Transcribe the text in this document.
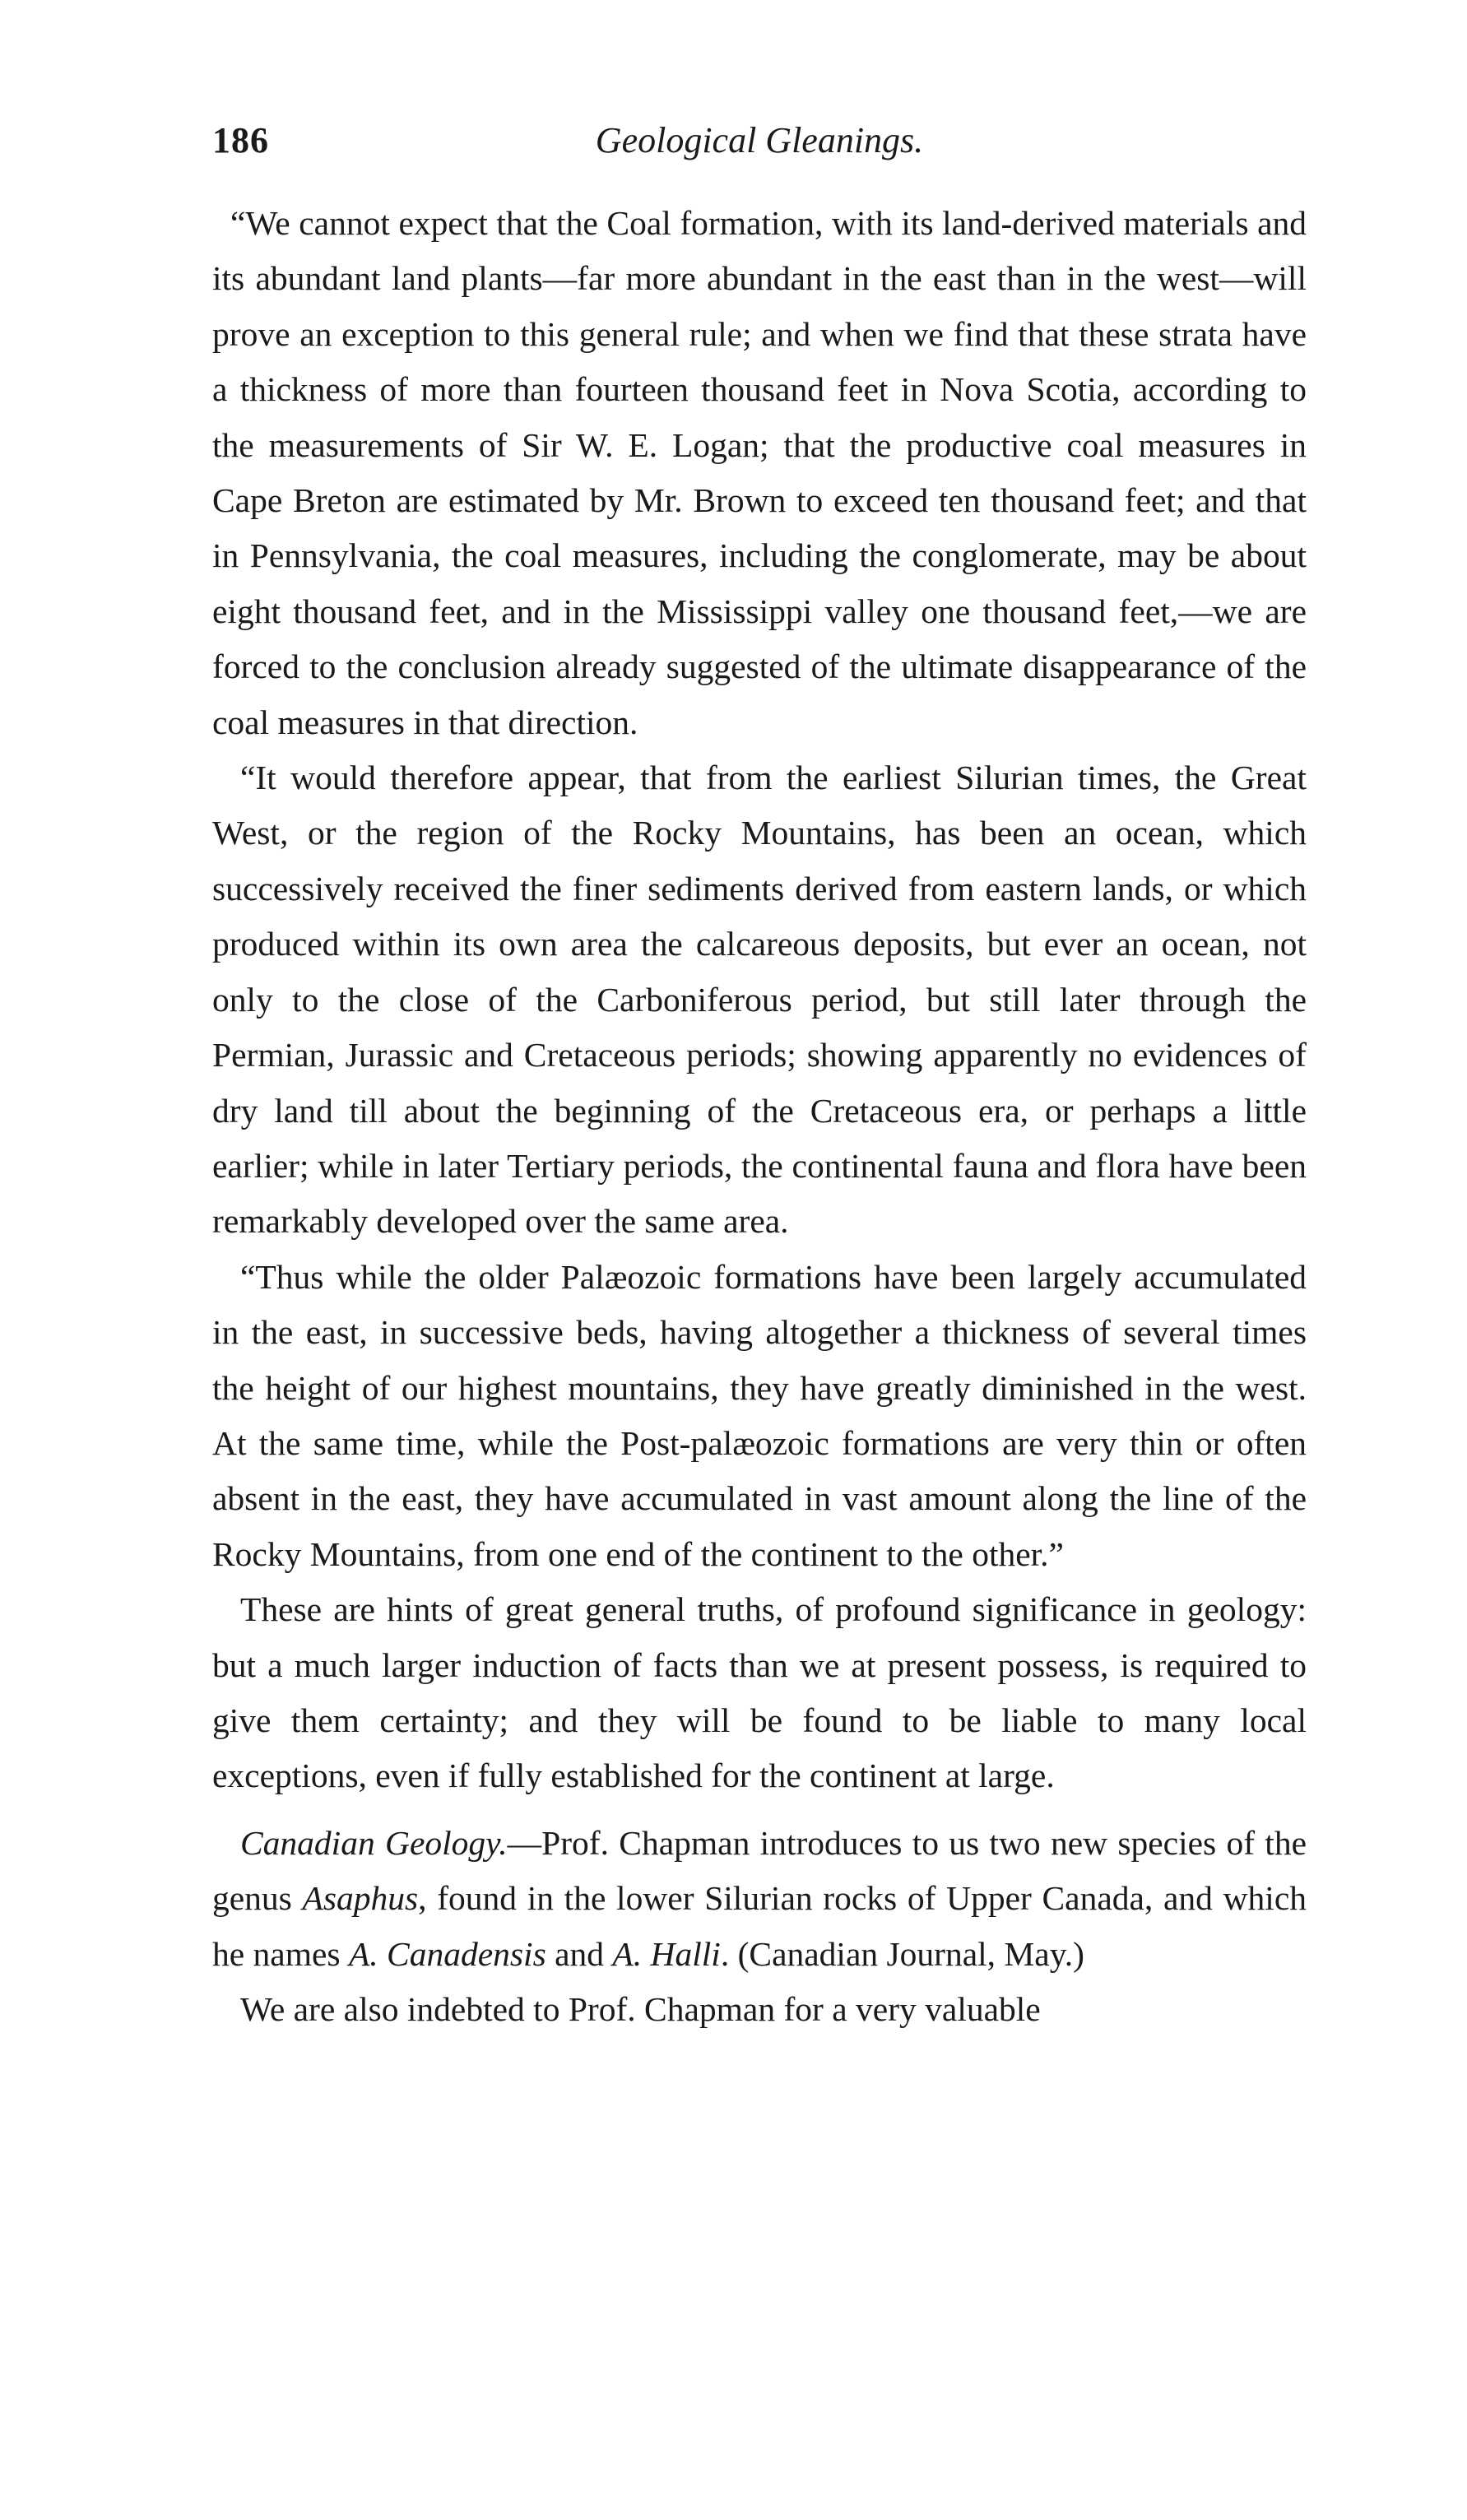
186	Geological Gleanings.

“We cannot expect that the Coal formation, with its land-derived materials and its abundant land plants—far more abundant in the east than in the west—will prove an exception to this general rule; and when we find that these strata have a thickness of more than fourteen thousand feet in Nova Scotia, according to the measurements of Sir W. E. Logan; that the productive coal measures in Cape Breton are estimated by Mr. Brown to exceed ten thousand feet; and that in Pennsylvania, the coal measures, including the conglomerate, may be about eight thousand feet, and in the Mississippi valley one thousand feet,—we are forced to the conclusion already suggested of the ultimate disappearance of the coal measures in that direction.

“It would therefore appear, that from the earliest Silurian times, the Great West, or the region of the Rocky Mountains, has been an ocean, which successively received the finer sediments derived from eastern lands, or which produced within its own area the calcareous deposits, but ever an ocean, not only to the close of the Carboniferous period, but still later through the Permian, Jurassic and Cretaceous periods; showing apparently no evidences of dry land till about the beginning of the Cretaceous era, or perhaps a little earlier; while in later Tertiary periods, the continental fauna and flora have been remarkably developed over the same area.

“Thus while the older Palæozoic formations have been largely accumulated in the east, in successive beds, having altogether a thickness of several times the height of our highest mountains, they have greatly diminished in the west. At the same time, while the Post-palæozoic formations are very thin or often absent in the east, they have accumulated in vast amount along the line of the Rocky Mountains, from one end of the continent to the other.”

These are hints of great general truths, of profound significance in geology: but a much larger induction of facts than we at present possess, is required to give them certainty; and they will be found to be liable to many local exceptions, even if fully established for the continent at large.

Canadian Geology.—Prof. Chapman introduces to us two new species of the genus Asaphus, found in the lower Silurian rocks of Upper Canada, and which he names A. Canadensis and A. Halli. (Canadian Journal, May.)

We are also indebted to Prof. Chapman for a very valuable
